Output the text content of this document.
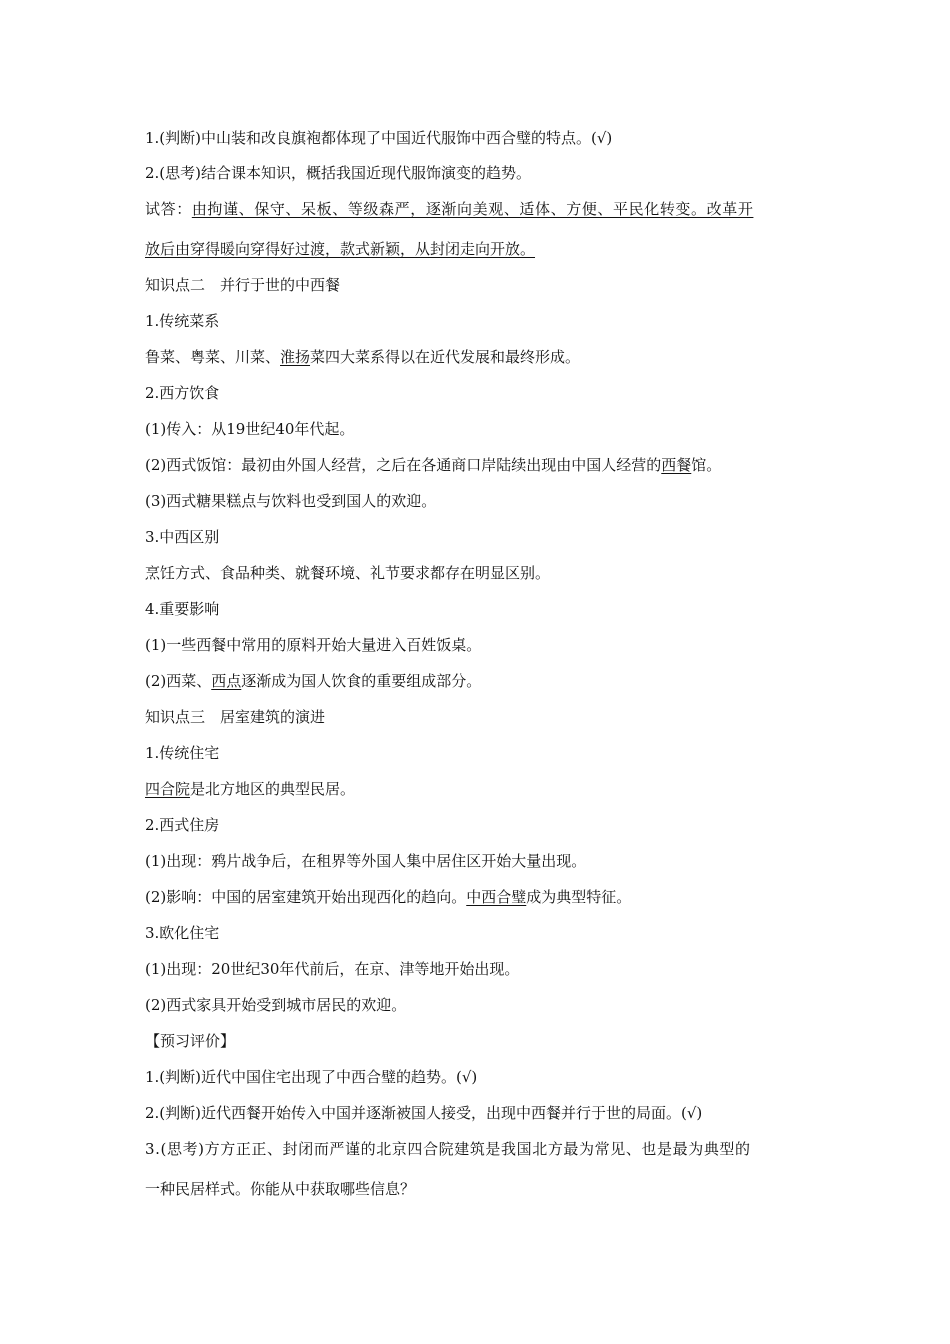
1.(判断)中山装和改良旗袍都体现了中国近代服饰中西合璧的特点。(√)
2.(思考)结合课本知识，概括我国近现代服饰演变的趋势。
试答：由拘谨、保守、呆板、等级森严，逐渐向美观、适体、方便、平民化转变。改革开
放后由穿得暖向穿得好过渡，款式新颖，从封闭走向开放。
知识点二　并行于世的中西餐
1.传统菜系
鲁菜、粤菜、川菜、淮扬菜四大菜系得以在近代发展和最终形成。
2.西方饮食
(1)传入：从19世纪40年代起。
(2)西式饭馆：最初由外国人经营，之后在各通商口岸陆续出现由中国人经营的西餐馆。
(3)西式糖果糕点与饮料也受到国人的欢迎。
3.中西区别
烹饪方式、食品种类、就餐环境、礼节要求都存在明显区别。
4.重要影响
(1)一些西餐中常用的原料开始大量进入百姓饭桌。
(2)西菜、西点逐渐成为国人饮食的重要组成部分。
知识点三　居室建筑的演进
1.传统住宅
四合院是北方地区的典型民居。
2.西式住房
(1)出现：鸦片战争后，在租界等外国人集中居住区开始大量出现。
(2)影响：中国的居室建筑开始出现西化的趋向。中西合璧成为典型特征。
3.欧化住宅
(1)出现：20世纪30年代前后，在京、津等地开始出现。
(2)西式家具开始受到城市居民的欢迎。
【预习评价】
1.(判断)近代中国住宅出现了中西合璧的趋势。(√)
2.(判断)近代西餐开始传入中国并逐渐被国人接受，出现中西餐并行于世的局面。(√)
3.(思考)方方正正、封闭而严谨的北京四合院建筑是我国北方最为常见、也是最为典型的
一种民居样式。你能从中获取哪些信息？
